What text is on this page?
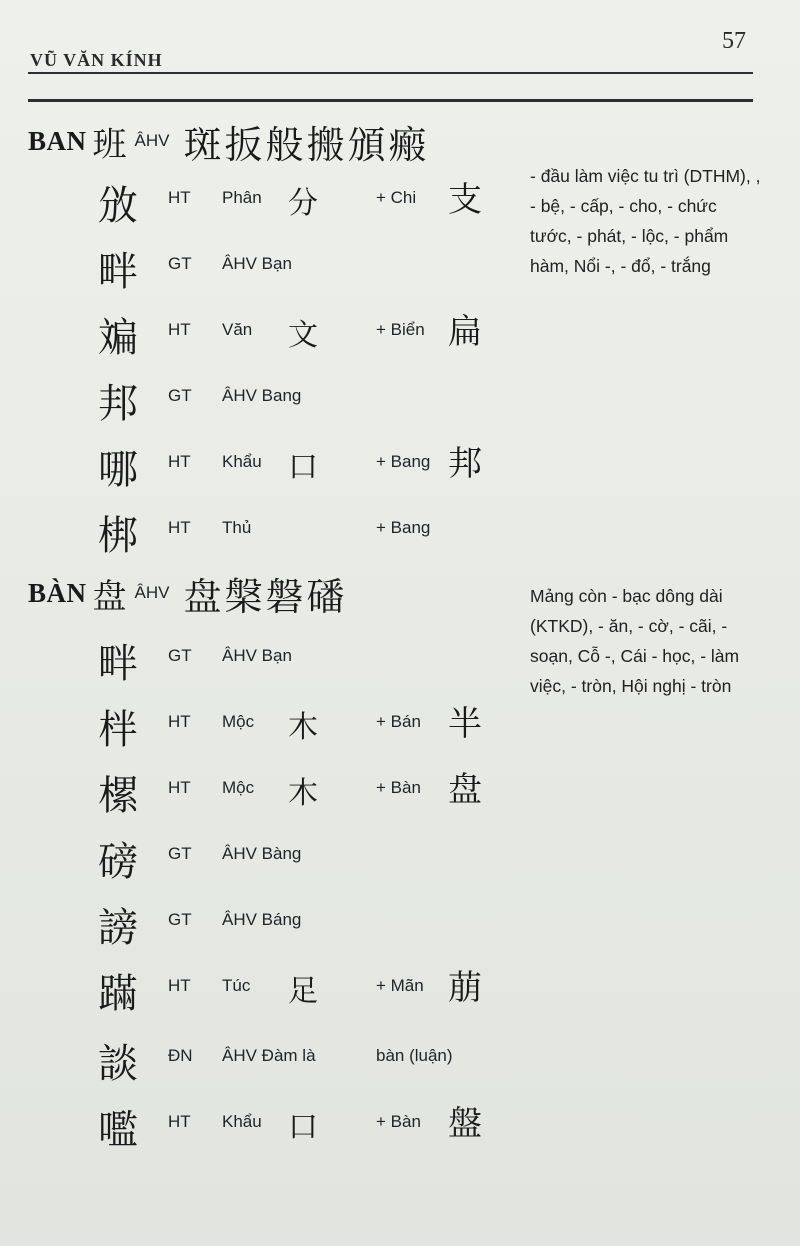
VŨ VĂN KÍNH
57
BAN 班 ÂHV 斑扳般搬頒瘢
- đầu làm việc tu trì (DTHM), , - bệ, - cấp, - cho, - chức tước, - phát, - lộc, - phẩm hàm, Nổi -, - đổ, - trắng
攽 HT Phân 分	+ Chi 支
畔 GT ÂHV Bạn
斒 HT Văn 文	+ Biển 扁
邦 GT ÂHV Bang
哪 HT Khẩu 口	+ Bang 邦
梆 HT Thủ	+ Bang
BÀN 盘 ÂHV 盘槃磐磻	Mảng còn - bạc dông dài (KTKD), - ăn, - cờ, - cãi, - soạn, Cỗ -, Cái - học, - làm việc, - tròn, Hội nghị - tròn
畔 GT ÂHV Bạn
柈 HT Mộc 木	+ Bán 半
樏 HT Mộc 木	+ Bàn 盘
磅 GT ÂHV Bàng
謗 GT ÂHV Báng
蹣 HT Túc 足	+ Mãn 萠
談 ĐN ÂHV Đàm là	bàn (luận)
嚂 HT Khẩu 口	+ Bàn 盤
